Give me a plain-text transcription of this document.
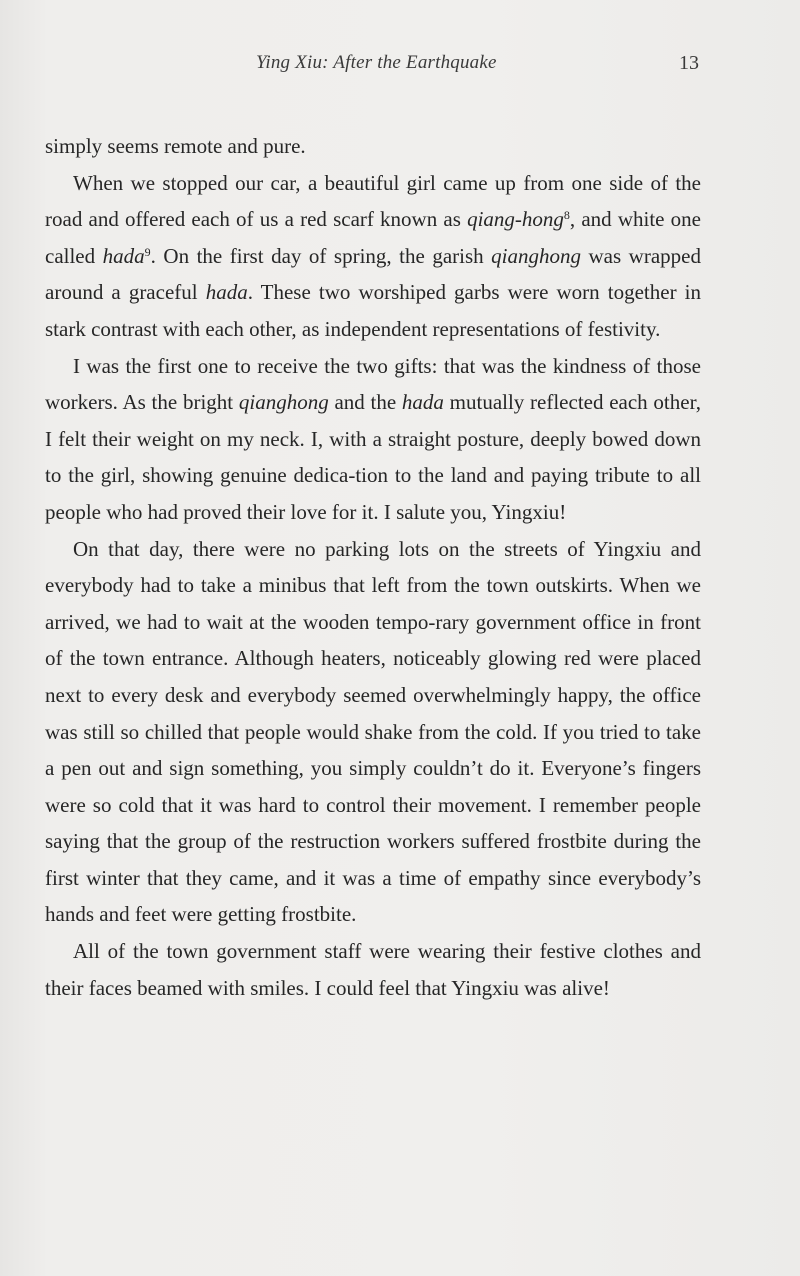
Ying Xiu: After the Earthquake	13

simply seems remote and pure.

When we stopped our car, a beautiful girl came up from one side of the road and offered each of us a red scarf known as qiang-hong$^8$, and white one called hada$^9$. On the first day of spring, the garish qianghong was wrapped around a graceful hada. These two worshiped garbs were worn together in stark contrast with each other, as independent representations of festivity.

I was the first one to receive the two gifts: that was the kindness of those workers. As the bright qianghong and the hada mutually reflected each other, I felt their weight on my neck. I, with a straight posture, deeply bowed down to the girl, showing genuine dedica-tion to the land and paying tribute to all people who had proved their love for it. I salute you, Yingxiu!

On that day, there were no parking lots on the streets of Yingxiu and everybody had to take a minibus that left from the town outskirts. When we arrived, we had to wait at the wooden tempo-rary government office in front of the town entrance. Although heaters, noticeably glowing red were placed next to every desk and everybody seemed overwhelmingly happy, the office was still so chilled that people would shake from the cold. If you tried to take a pen out and sign something, you simply couldn’t do it. Everyone’s fingers were so cold that it was hard to control their movement. I remember people saying that the group of the restruction workers suffered frostbite during the first winter that they came, and it was a time of empathy since everybody’s hands and feet were getting frostbite.

All of the town government staff were wearing their festive clothes and their faces beamed with smiles. I could feel that Yingxiu was alive!
